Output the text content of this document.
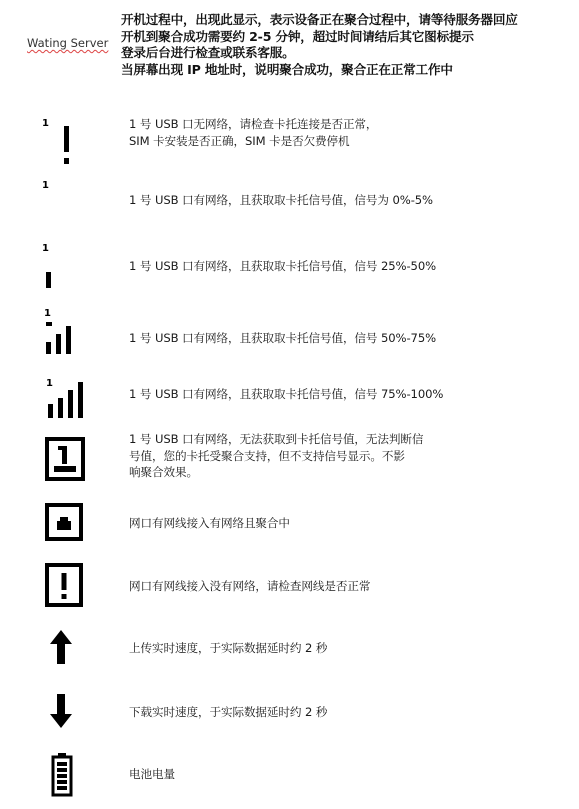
Wating Server
开机过程中，出现此显示，表示设备正在聚合过程中，请等待服务器回应
开机到聚合成功需要约 2-5 分钟，超过时间请结后其它图标提示
登录后台进行检查或联系客服。
当屏幕出现 IP 地址时，说明聚合成功，聚合正在正常工作中
1	1 号 USB 口无网络，请检查卡托连接是否正常，
SIM 卡安装是否正确，SIM 卡是否欠费停机
1
1 号 USB 口有网络，且获取取卡托信号值，信号为 0%-5%
1
1 号 USB 口有网络，且获取取卡托信号值，信号 25%-50%
1
1 号 USB 口有网络，且获取取卡托信号值，信号 50%-75%
1
1 号 USB 口有网络，且获取取卡托信号值，信号 75%-100%
1 号 USB 口有网络，无法获取到卡托信号值，无法判断信
号值，您的卡托受聚合支持，但不支持信号显示。不影
响聚合效果。
网口有网线接入有网络且聚合中
网口有网线接入没有网络，请检查网线是否正常
上传实时速度，于实际数据延时约 2 秒
下载实时速度，于实际数据延时约 2 秒
电池电量
